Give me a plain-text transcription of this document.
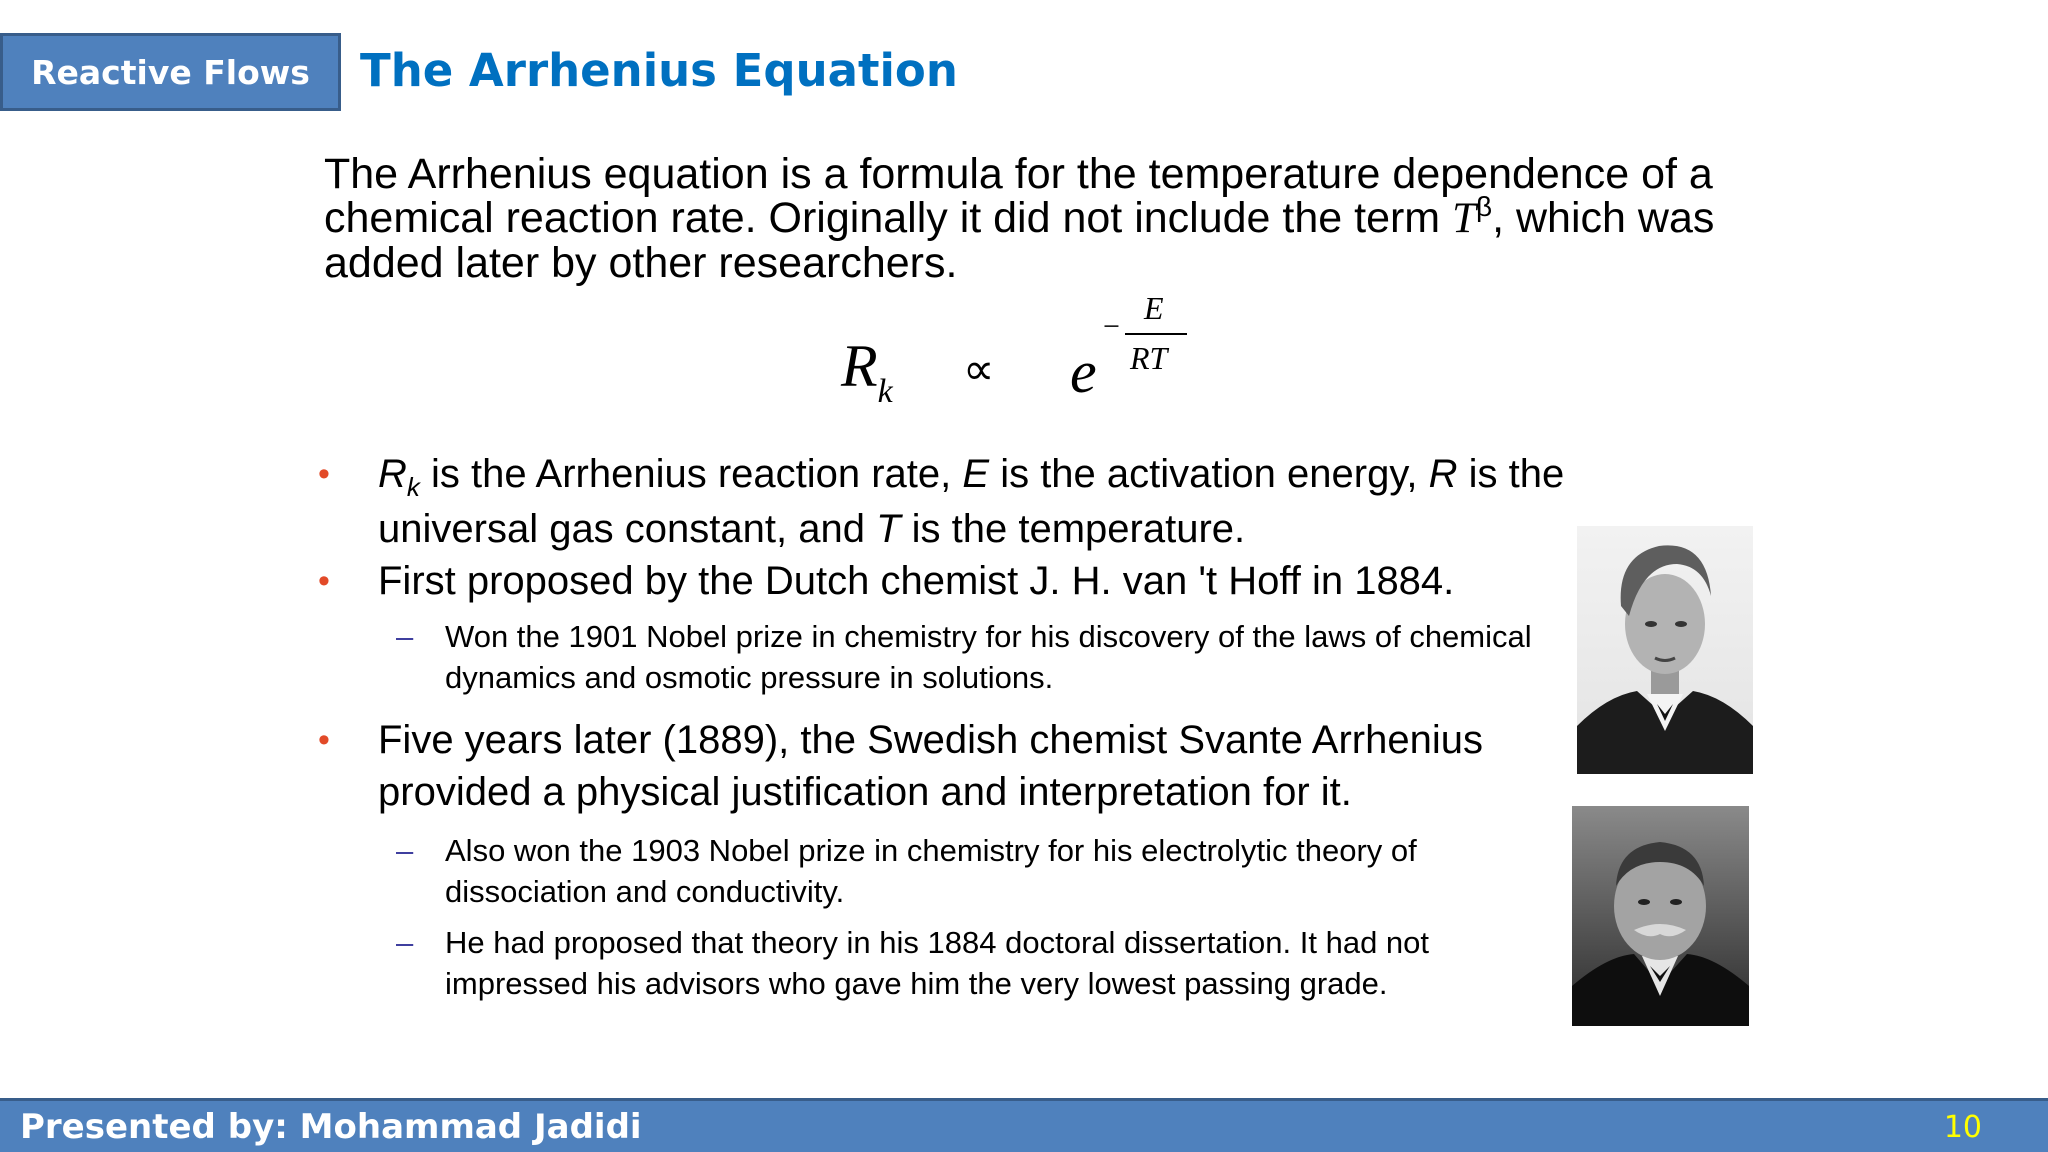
Reactive Flows	The Arrhenius Equation
The Arrhenius equation is a formula for the temperature dependence of a chemical reaction rate. Originally it did not include the term $T^\beta$, which was added later by other researchers.
$R_k \propto e$
−
E
RT
• $R_k$ is the Arrhenius reaction rate, E is the activation energy, R is the universal gas constant, and T is the temperature.
• First proposed by the Dutch chemist J. H. van 't Hoff in 1884.
– Won the 1901 Nobel prize in chemistry for his discovery of the laws of chemical dynamics and osmotic pressure in solutions.
• Five years later (1889), the Swedish chemist Svante Arrhenius provided a physical justification and interpretation for it.
– Also won the 1903 Nobel prize in chemistry for his electrolytic theory of dissociation and conductivity.
– He had proposed that theory in his 1884 doctoral dissertation. It had not impressed his advisors who gave him the very lowest passing grade.
Presented by: Mohammad Jadidi	10
